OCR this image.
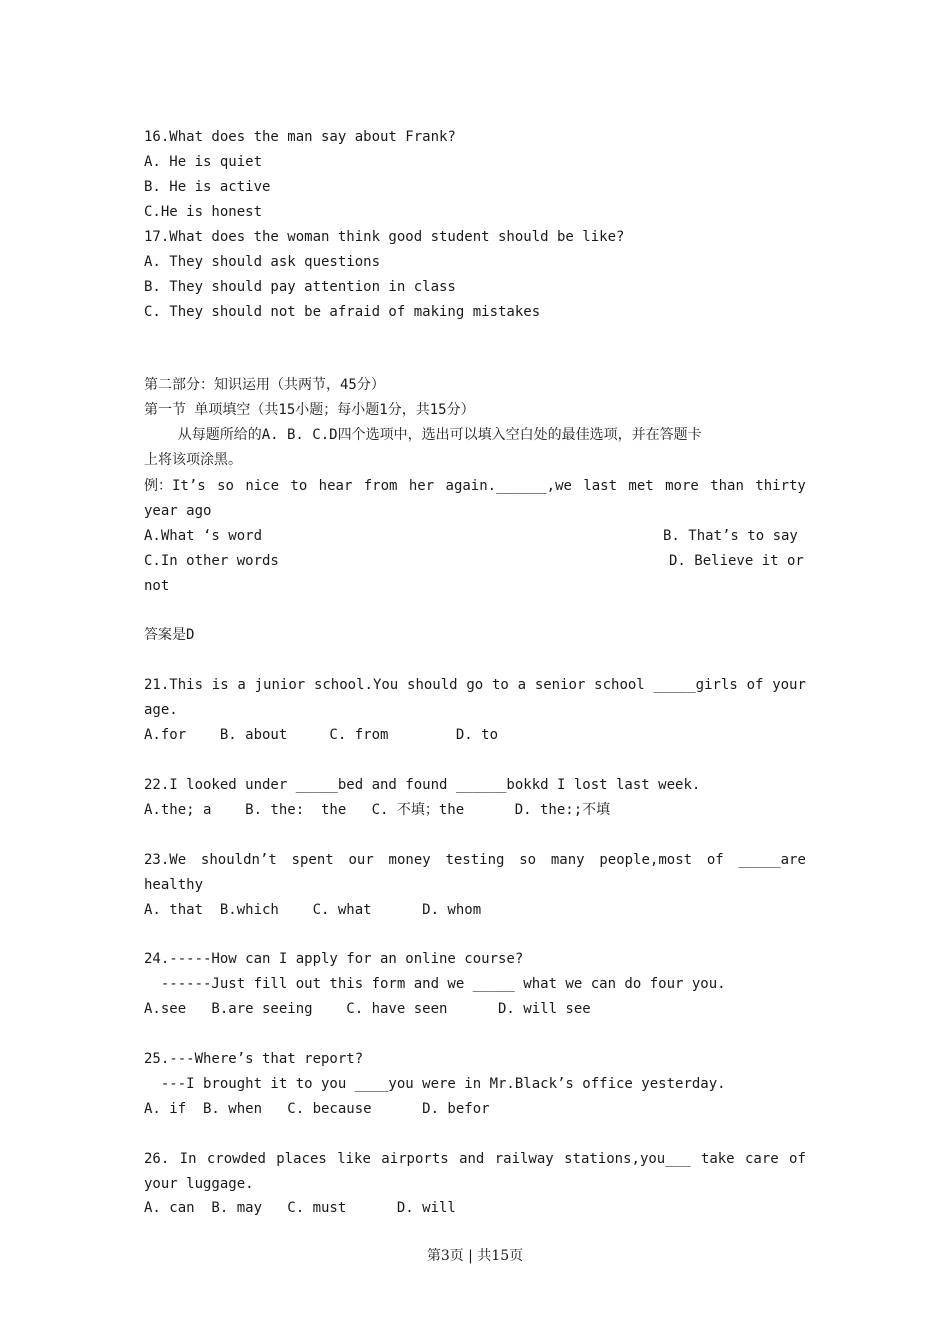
16.What does the man say about Frank?
A. He is quiet
B. He is active
C.He is honest
17.What does the woman think good student should be like?
A. They should ask questions
B. They should pay attention in class
C. They should not be afraid of making mistakes
第二部分：知识运用（共两节，45分）
第一节 单项填空（共15小题；每小题1分，共15分）
从每题所给的A. B. C.D四个选项中，选出可以填入空白处的最佳选项，并在答题卡
上将该项涂黑。
例：It’s so nice to hear from her again.______,we last met more than thirty
year ago
A.What ‘s word	B. That’s to say
C.In other words	D. Believe it or
not
答案是D
21.This is a junior school.You should go to a senior school _____girls of your
age.
A.for    B. about     C. from        D. to
22.I looked under _____bed and found ______bokkd I lost last week.
A.the; a    B. the:  the   C. 不填；the      D. the:;不填
23.We shouldn’t spent our money testing so many people,most of _____are
healthy
A. that  B.which    C. what      D. whom
24.-----How can I apply for an online course?
------Just fill out this form and we _____ what we can do four you.
A.see   B.are seeing    C. have seen      D. will see
25.---Where’s that report?
---I brought it to you ____you were in Mr.Black’s office yesterday.
A. if  B. when   C. because      D. befor
26. In crowded places like airports and railway stations,you___ take care of
your luggage.
A. can  B. may   C. must      D. will
第3页 | 共15页
